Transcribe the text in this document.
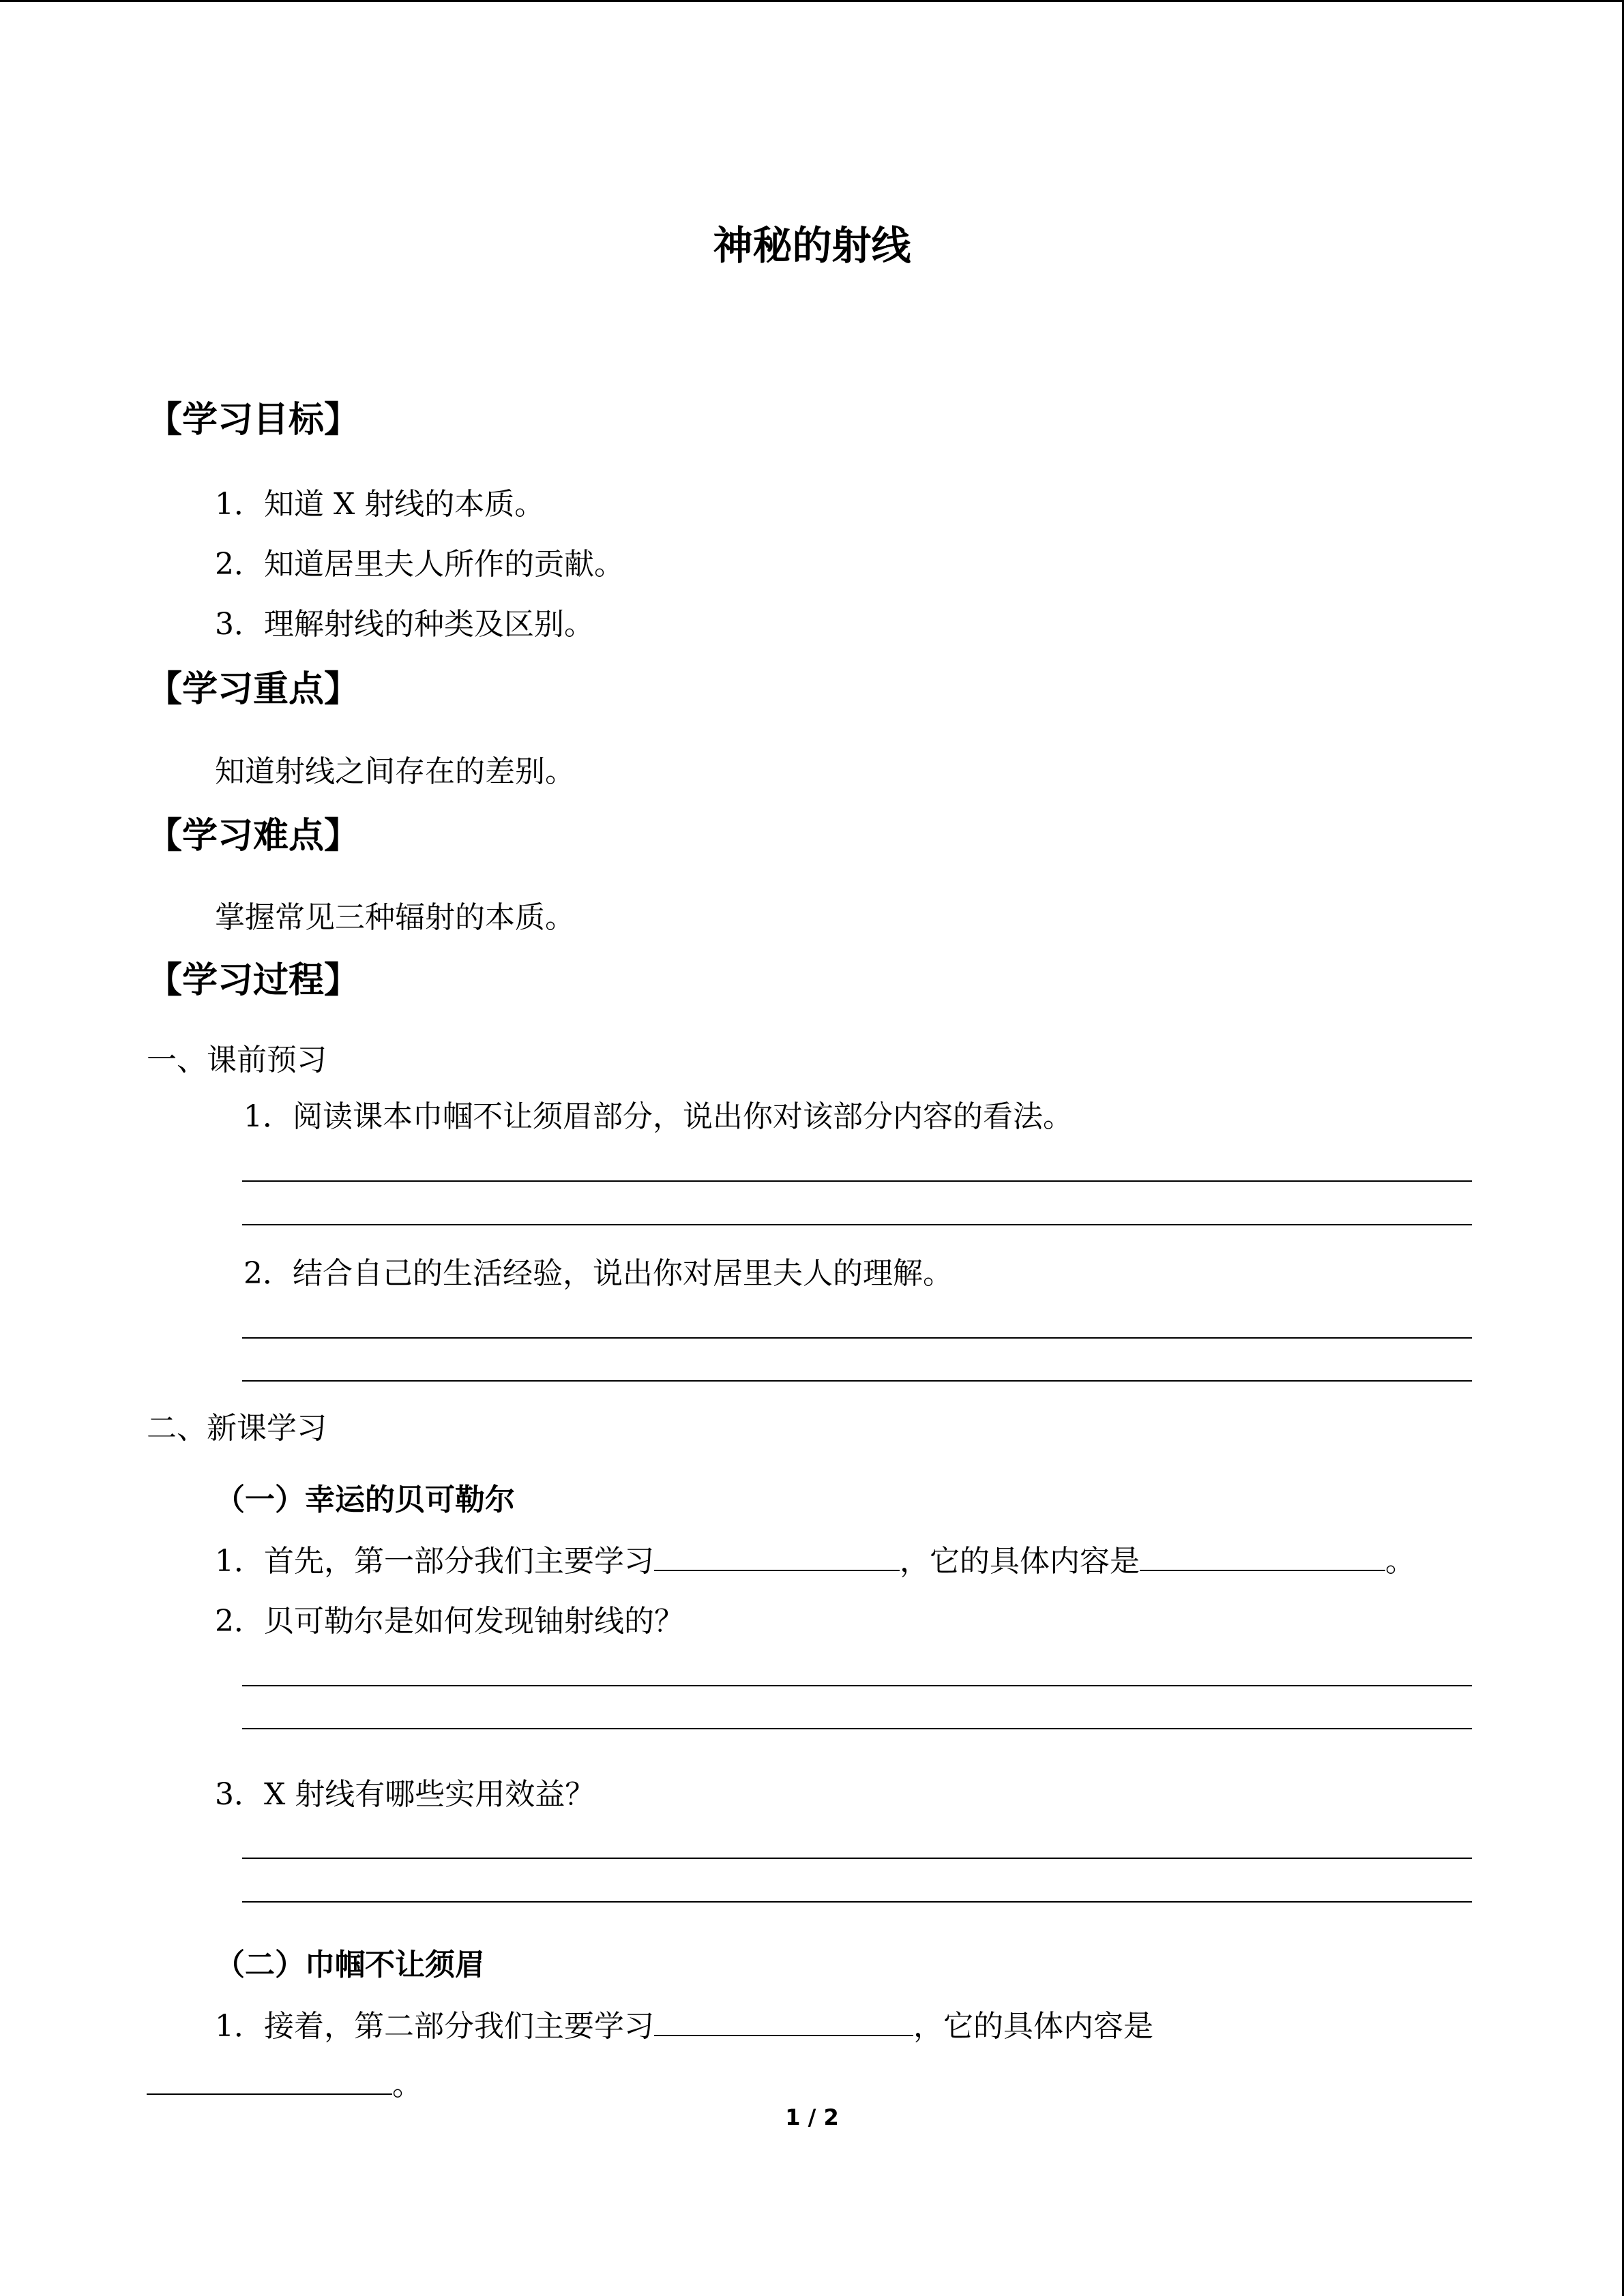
神秘的射线
【学习目标】
1．知道 X 射线的本质。
2．知道居里夫人所作的贡献。
3．理解射线的种类及区别。
【学习重点】
知道射线之间存在的差别。
【学习难点】
掌握常见三种辐射的本质。
【学习过程】
一、课前预习
1．阅读课本巾帼不让须眉部分，说出你对该部分内容的看法。
2．结合自己的生活经验，说出你对居里夫人的理解。
二、新课学习
（一）幸运的贝可勒尔
1．首先，第一部分我们主要学习	，它的具体内容是	。
2．贝可勒尔是如何发现铀射线的？
3．X 射线有哪些实用效益？
（二）巾帼不让须眉
1．接着，第二部分我们主要学习	，它的具体内容是
。
1 / 2
